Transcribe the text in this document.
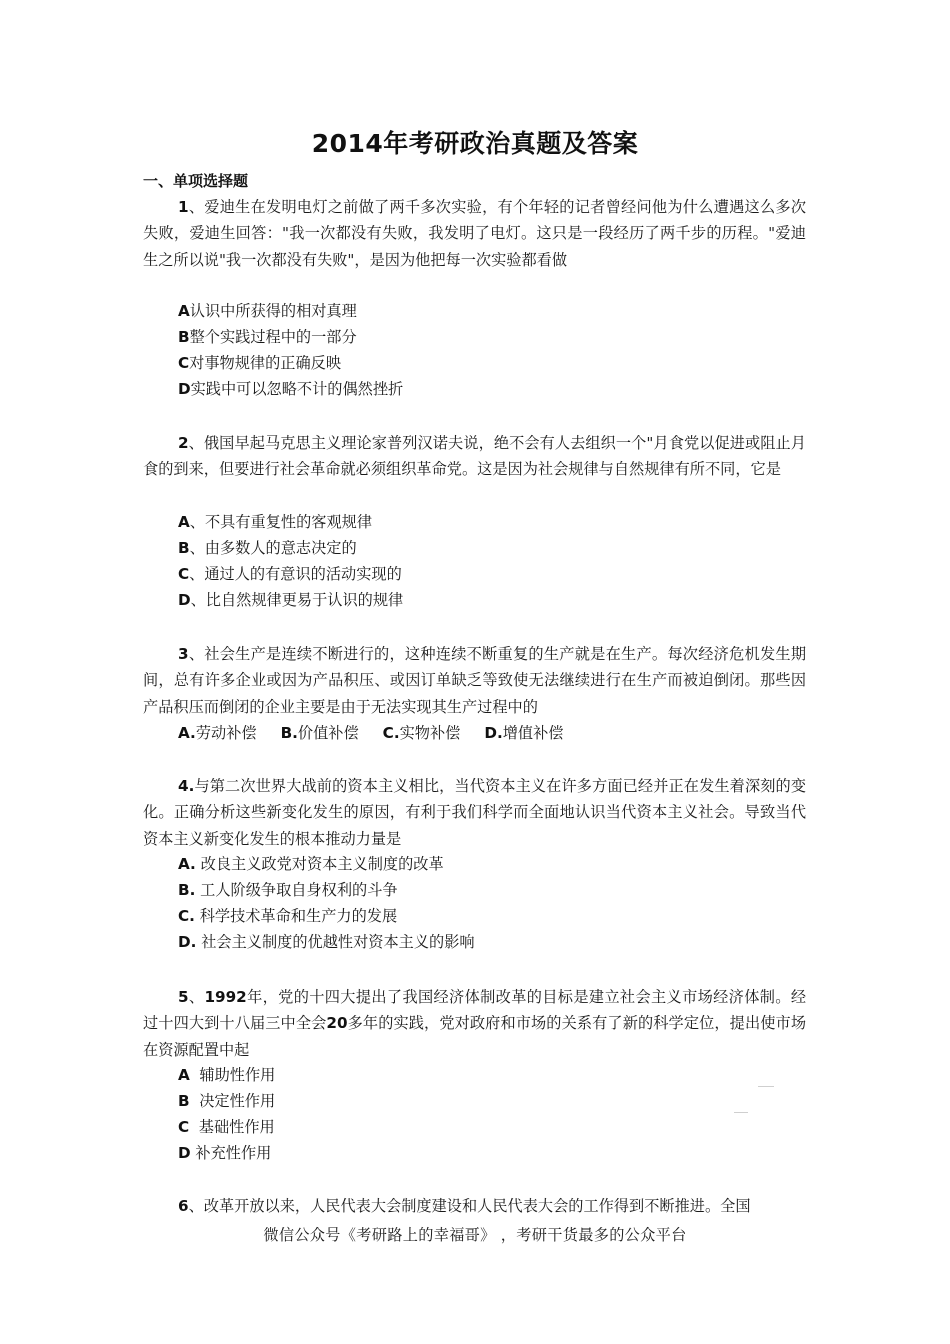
2014年考研政治真题及答案
一、单项选择题
1、爱迪生在发明电灯之前做了两千多次实验，有个年轻的记者曾经问他为什么遭遇这么多次失败，爱迪生回答："我一次都没有失败，我发明了电灯。这只是一段经历了两千步的历程。"爱迪生之所以说"我一次都没有失败"，是因为他把每一次实验都看做
A认识中所获得的相对真理
B整个实践过程中的一部分
C对事物规律的正确反映
D实践中可以忽略不计的偶然挫折
2、俄国早起马克思主义理论家普列汉诺夫说，绝不会有人去组织一个"月食党以促进或阻止月食的到来，但要进行社会革命就必须组织革命党。这是因为社会规律与自然规律有所不同，它是
A、不具有重复性的客观规律
B、由多数人的意志决定的
C、通过人的有意识的活动实现的
D、比自然规律更易于认识的规律
3、社会生产是连续不断进行的，这种连续不断重复的生产就是在生产。每次经济危机发生期间，总有许多企业或因为产品积压、或因订单缺乏等致使无法继续进行在生产而被迫倒闭。那些因产品积压而倒闭的企业主要是由于无法实现其生产过程中的
A.劳动补偿 B.价值补偿 C.实物补偿 D.增值补偿
4.与第二次世界大战前的资本主义相比，当代资本主义在许多方面已经并正在发生着深刻的变化。正确分析这些新变化发生的原因，有利于我们科学而全面地认识当代资本主义社会。导致当代资本主义新变化发生的根本推动力量是
A. 改良主义政党对资本主义制度的改革
B. 工人阶级争取自身权利的斗争
C. 科学技术革命和生产力的发展
D. 社会主义制度的优越性对资本主义的影响
5、1992年，党的十四大提出了我国经济体制改革的目标是建立社会主义市场经济体制。经过十四大到十八届三中全会20多年的实践，党对政府和市场的关系有了新的科学定位，提出使市场在资源配置中起
A  辅助性作用
B  决定性作用
C  基础性作用
D 补充性作用
6、改革开放以来，人民代表大会制度建设和人民代表大会的工作得到不断推进。全国
微信公众号《考研路上的幸福哥》 ，考研干货最多的公众平台
